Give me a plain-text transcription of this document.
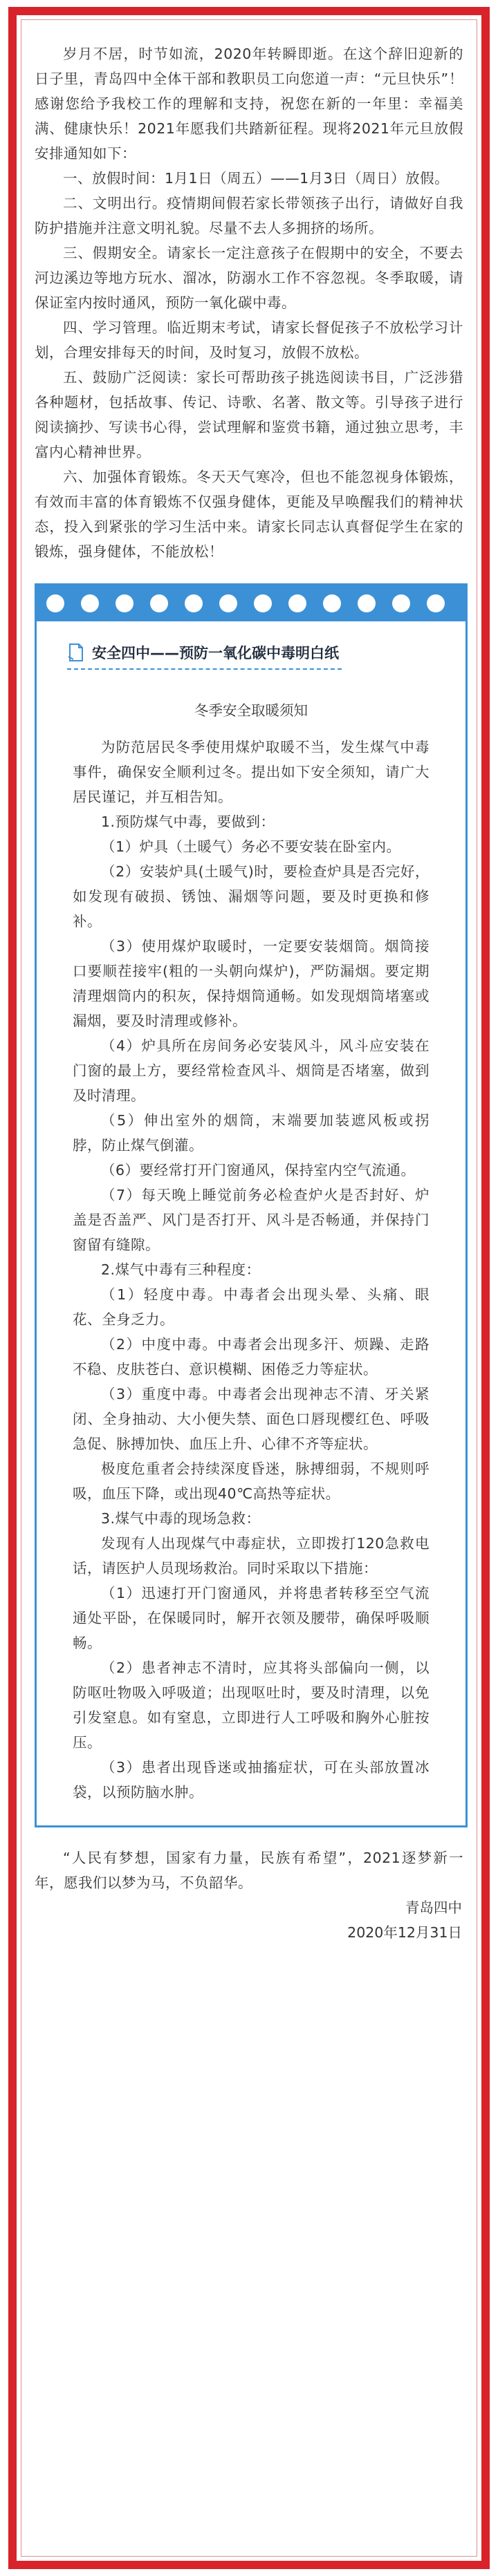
岁月不居，时节如流，2020年转瞬即逝。在这个辞旧迎新的日子里，青岛四中全体干部和教职员工向您道一声：“元旦快乐”！感谢您给予我校工作的理解和支持，祝您在新的一年里：幸福美满、健康快乐！2021年愿我们共踏新征程。现将2021年元旦放假安排通知如下：

一、放假时间：1月1日（周五）——1月3日（周日）放假。

二、文明出行。疫情期间假若家长带领孩子出行，请做好自我防护措施并注意文明礼貌。尽量不去人多拥挤的场所。

三、假期安全。请家长一定注意孩子在假期中的安全，不要去河边溪边等地方玩水、溜冰，防溺水工作不容忽视。冬季取暖，请保证室内按时通风，预防一氧化碳中毒。

四、学习管理。临近期末考试，请家长督促孩子不放松学习计划，合理安排每天的时间，及时复习，放假不放松。

五、鼓励广泛阅读：家长可帮助孩子挑选阅读书目，广泛涉猎各种题材，包括故事、传记、诗歌、名著、散文等。引导孩子进行阅读摘抄、写读书心得，尝试理解和鉴赏书籍，通过独立思考，丰富内心精神世界。

六、加强体育锻炼。冬天天气寒冷，但也不能忽视身体锻炼，有效而丰富的体育锻炼不仅强身健体，更能及早唤醒我们的精神状态，投入到紧张的学习生活中来。请家长同志认真督促学生在家的锻炼，强身健体，不能放松！

安全四中——预防一氧化碳中毒明白纸
冬季安全取暖须知

为防范居民冬季使用煤炉取暖不当，发生煤气中毒事件，确保安全顺利过冬。提出如下安全须知，请广大居民谨记，并互相告知。

1.预防煤气中毒，要做到：

（1）炉具（土暖气）务必不要安装在卧室内。

（2）安装炉具(土暖气)时，要检查炉具是否完好，如发现有破损、锈蚀、漏烟等问题，要及时更换和修补。

（3）使用煤炉取暖时，一定要安装烟筒。烟筒接口要顺茬接牢(粗的一头朝向煤炉)，严防漏烟。要定期清理烟筒内的积灰，保持烟筒通畅。如发现烟筒堵塞或漏烟，要及时清理或修补。

（4）炉具所在房间务必安装风斗，风斗应安装在门窗的最上方，要经常检查风斗、烟筒是否堵塞，做到及时清理。

（5）伸出室外的烟筒，末端要加装遮风板或拐脖，防止煤气倒灌。

（6）要经常打开门窗通风，保持室内空气流通。

（7）每天晚上睡觉前务必检查炉火是否封好、炉盖是否盖严、风门是否打开、风斗是否畅通，并保持门窗留有缝隙。

2.煤气中毒有三种程度：

（1）轻度中毒。中毒者会出现头晕、头痛、眼花、全身乏力。

（2）中度中毒。中毒者会出现多汗、烦躁、走路不稳、皮肤苍白、意识模糊、困倦乏力等症状。

（3）重度中毒。中毒者会出现神志不清、牙关紧闭、全身抽动、大小便失禁、面色口唇现樱红色、呼吸急促、脉搏加快、血压上升、心律不齐等症状。

极度危重者会持续深度昏迷，脉搏细弱，不规则呼吸，血压下降，或出现40℃高热等症状。

3.煤气中毒的现场急救：

发现有人出现煤气中毒症状，立即拨打120急救电话，请医护人员现场救治。同时采取以下措施：

（1）迅速打开门窗通风，并将患者转移至空气流通处平卧，在保暖同时，解开衣领及腰带，确保呼吸顺畅。

（2）患者神志不清时，应其将头部偏向一侧，以防呕吐物吸入呼吸道；出现呕吐时，要及时清理，以免引发窒息。如有窒息，立即进行人工呼吸和胸外心脏按压。

（3）患者出现昏迷或抽搐症状，可在头部放置冰袋，以预防脑水肿。

“人民有梦想，国家有力量，民族有希望”，2021逐梦新一年，愿我们以梦为马，不负韶华。

青岛四中

2020年12月31日
